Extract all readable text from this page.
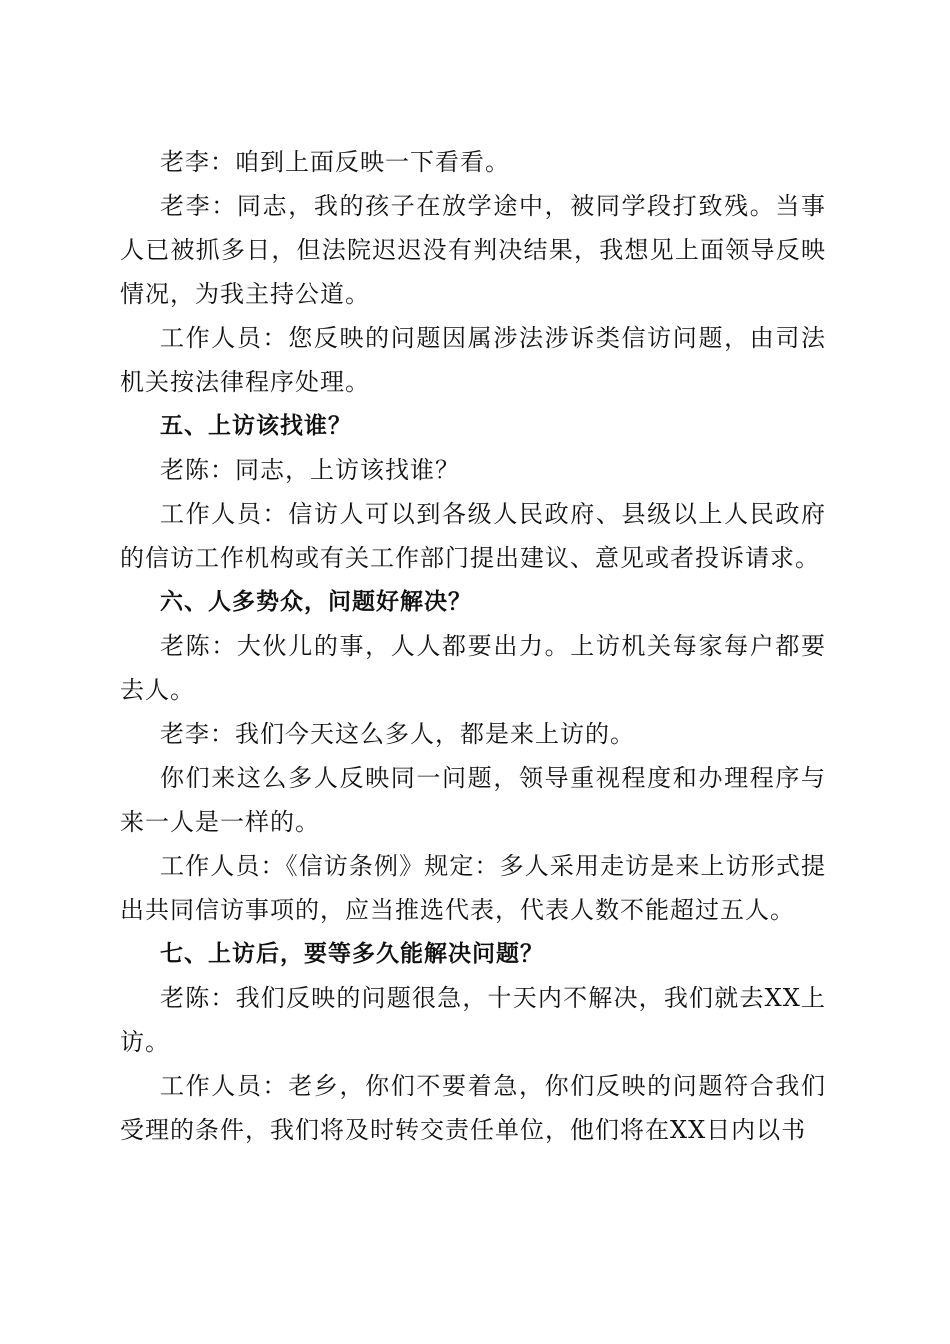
老李：咱到上面反映一下看看。

老李：同志，我的孩子在放学途中，被同学段打致残。当事人已被抓多日，但法院迟迟没有判决结果，我想见上面领导反映情况，为我主持公道。

工作人员：您反映的问题因属涉法涉诉类信访问题，由司法机关按法律程序处理。

五、上访该找谁？

老陈：同志，上访该找谁？

工作人员：信访人可以到各级人民政府、县级以上人民政府的信访工作机构或有关工作部门提出建议、意见或者投诉请求。

六、人多势众，问题好解决？

老陈：大伙儿的事，人人都要出力。上访机关每家每户都要去人。

老李：我们今天这么多人，都是来上访的。

你们来这么多人反映同一问题，领导重视程度和办理程序与来一人是一样的。

工作人员：《信访条例》规定：多人采用走访是来上访形式提出共同信访事项的，应当推选代表，代表人数不能超过五人。

七、上访后，要等多久能解决问题？

老陈：我们反映的问题很急，十天内不解决，我们就去XX上访。

工作人员：老乡，你们不要着急，你们反映的问题符合我们受理的条件，我们将及时转交责任单位，他们将在XX日内以书
